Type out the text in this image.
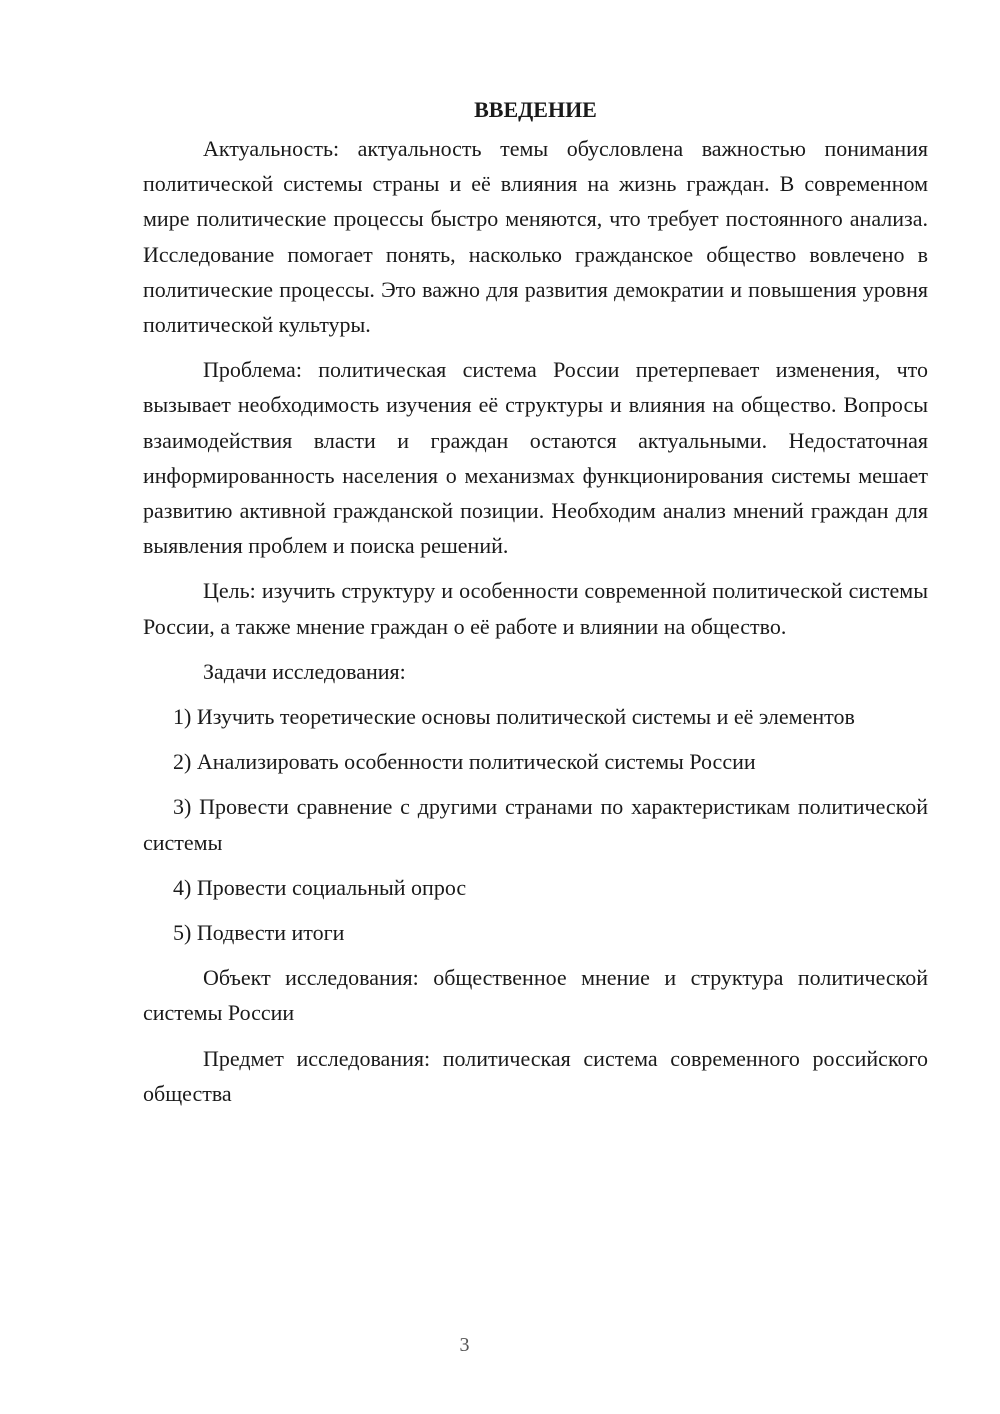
ВВЕДЕНИЕ

Актуальность: актуальность темы обусловлена важностью понимания политической системы страны и её влияния на жизнь граждан. В современном мире политические процессы быстро меняются, что требует постоянного анализа. Исследование помогает понять, насколько гражданское общество вовлечено в политические процессы. Это важно для развития демократии и повышения уровня политической культуры.

Проблема: политическая система России претерпевает изменения, что вызывает необходимость изучения её структуры и влияния на общество. Вопросы взаимодействия власти и граждан остаются актуальными. Недостаточная информированность населения о механизмах функционирования системы мешает развитию активной гражданской позиции. Необходим анализ мнений граждан для выявления проблем и поиска решений.

Цель: изучить структуру и особенности современной политической системы России, а также мнение граждан о её работе и влиянии на общество.

Задачи исследования:

1) Изучить теоретические основы политической системы и её элементов
2) Анализировать особенности политической системы России
3) Провести сравнение с другими странами по характеристикам политической системы
4) Провести социальный опрос
5) Подвести итоги

Объект исследования: общественное мнение и структура политической системы России

Предмет исследования: политическая система современного российского общества

3
